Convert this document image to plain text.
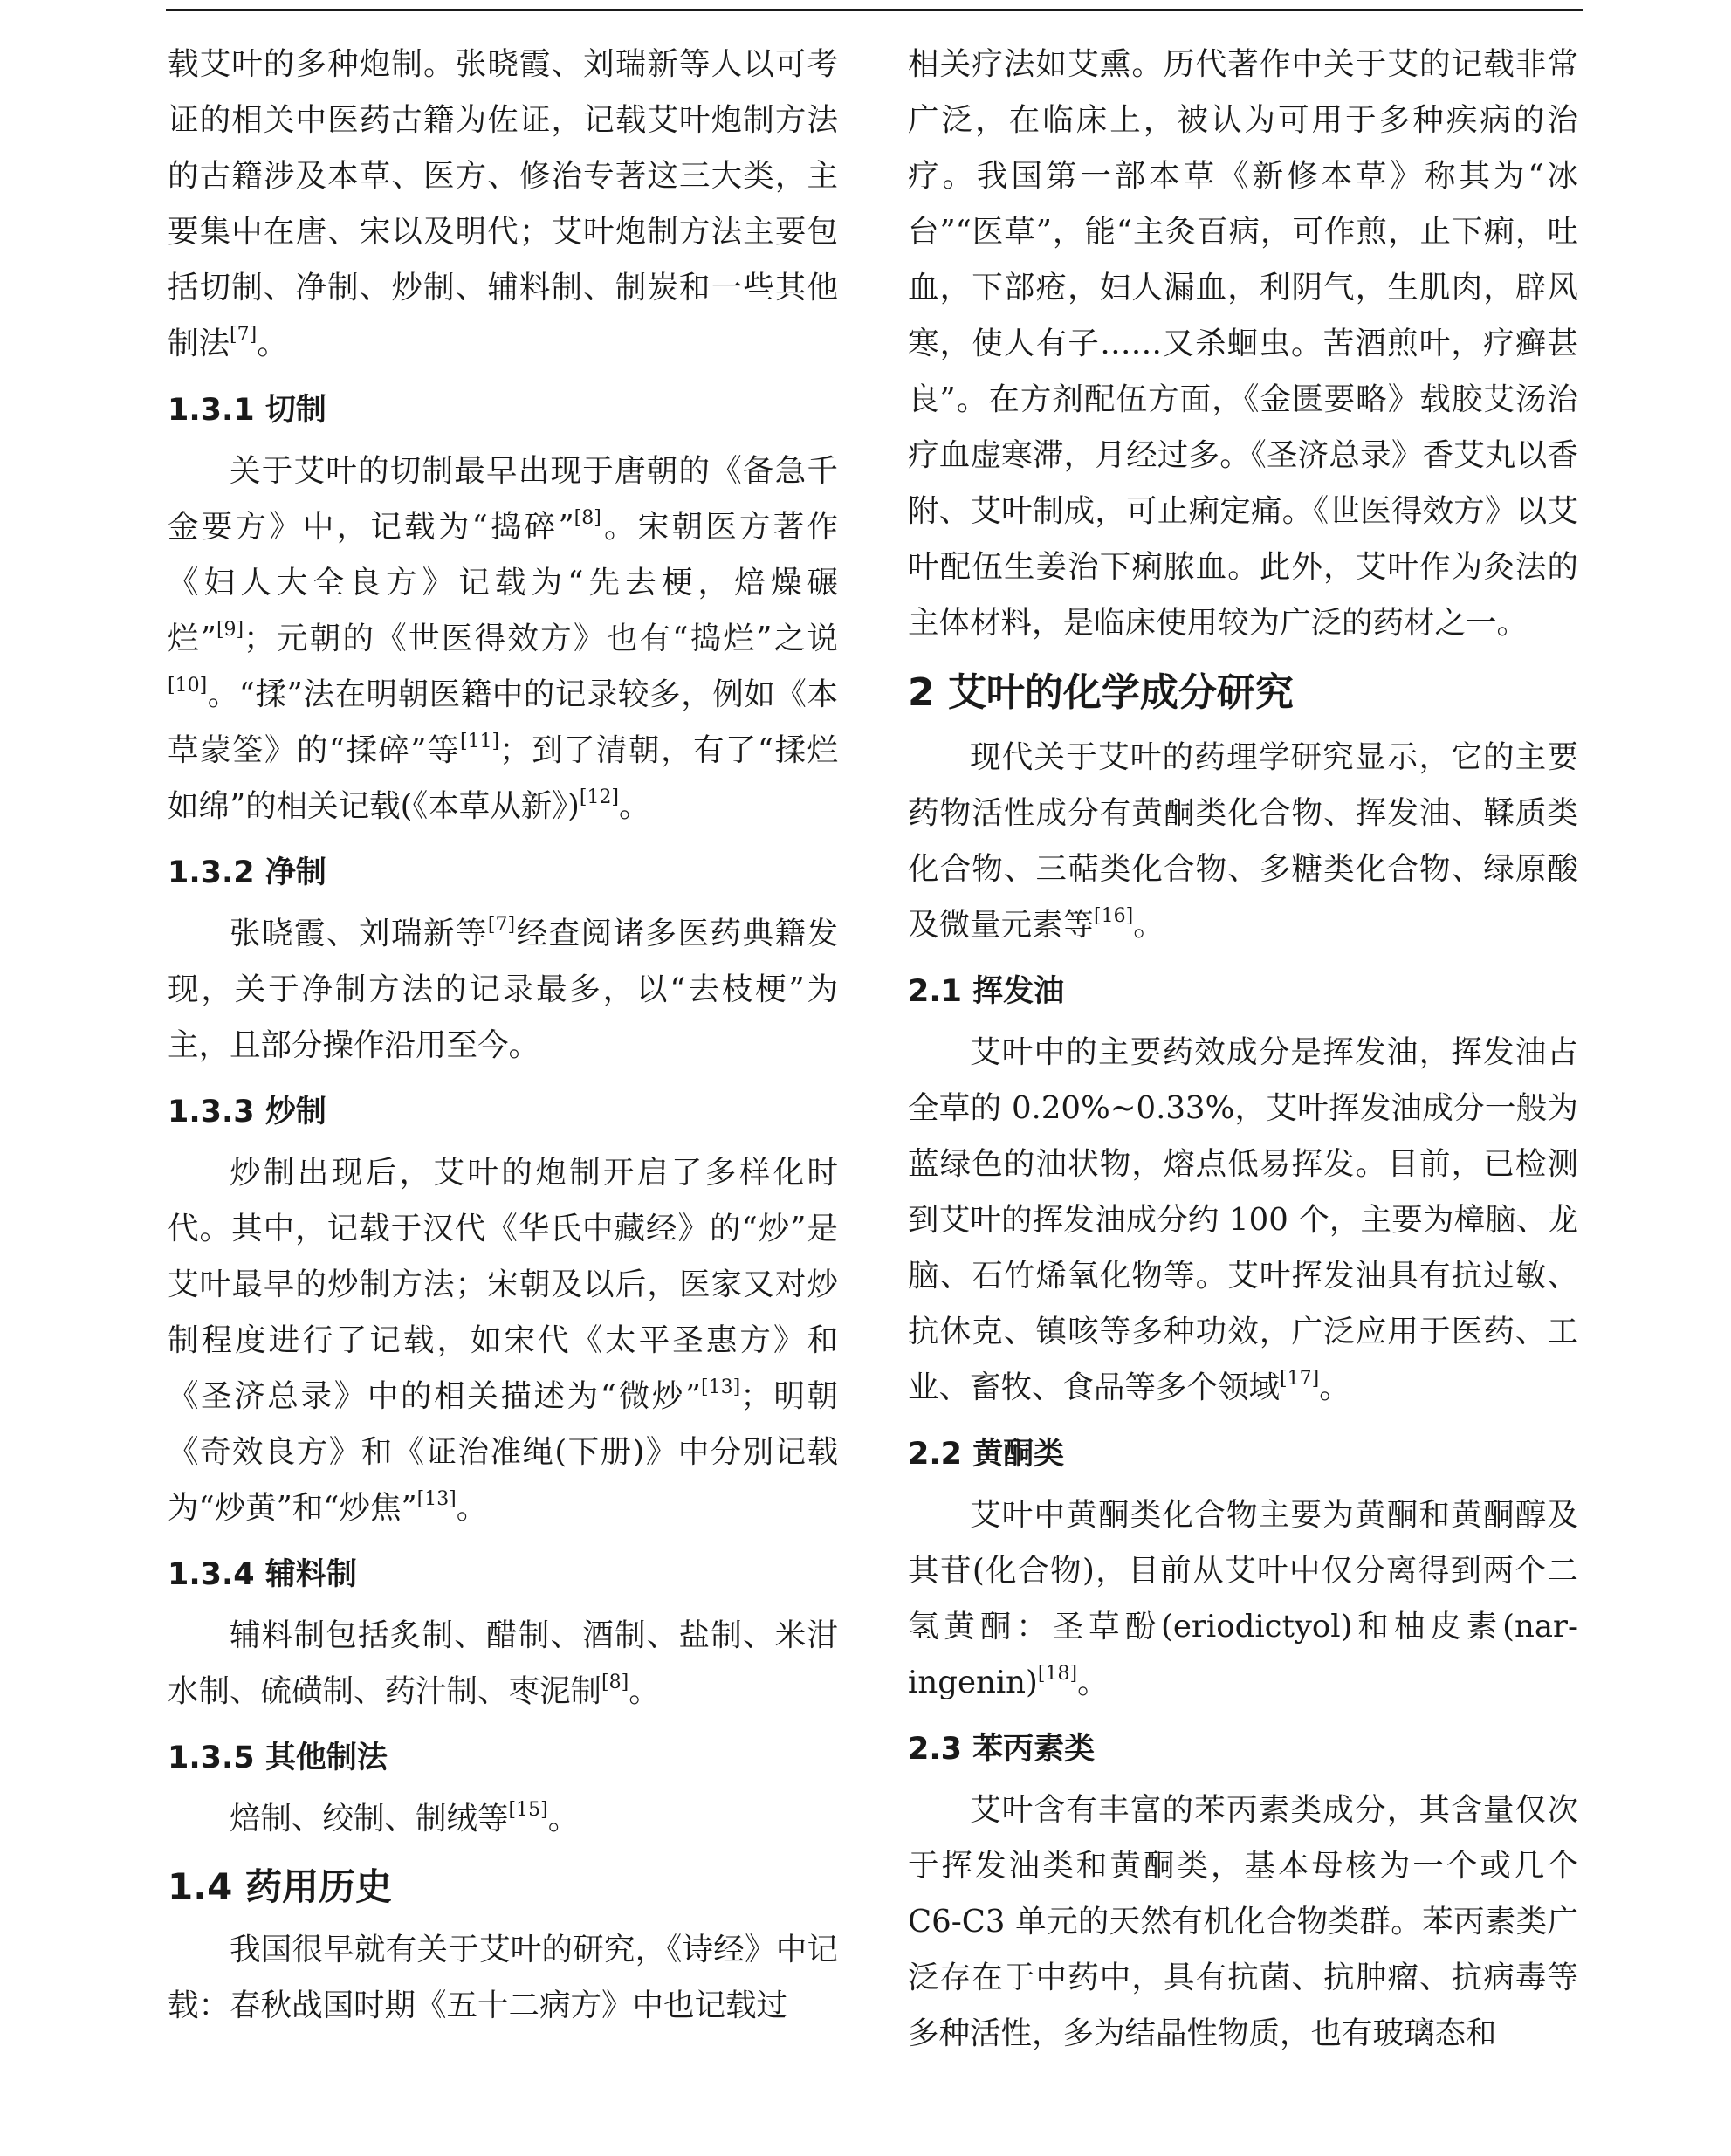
载艾叶的多种炮制。张晓霞、刘瑞新等人以可考证的相关中医药古籍为佐证，记载艾叶炮制方法的古籍涉及本草、医方、修治专著这三大类，主要集中在唐、宋以及明代；艾叶炮制方法主要包括切制、净制、炒制、辅料制、制炭和一些其他制法[7]。

1.3.1 切制

关于艾叶的切制最早出现于唐朝的《备急千金要方》中，记载为“捣碎”[8]。宋朝医方著作《妇人大全良方》记载为“先去梗，焙燥碾烂”[9]；元朝的《世医得效方》也有“捣烂”之说[10]。“揉”法在明朝医籍中的记录较多，例如《本草蒙筌》的“揉碎”等[11]；到了清朝，有了“揉烂如绵”的相关记载(《本草从新》)[12]。

1.3.2 净制

张晓霞、刘瑞新等[7]经查阅诸多医药典籍发现，关于净制方法的记录最多，以“去枝梗”为主，且部分操作沿用至今。

1.3.3 炒制

炒制出现后，艾叶的炮制开启了多样化时代。其中，记载于汉代《华氏中藏经》的“炒”是艾叶最早的炒制方法；宋朝及以后，医家又对炒制程度进行了记载，如宋代《太平圣惠方》和《圣济总录》中的相关描述为“微炒”[13]；明朝《奇效良方》和《证治准绳(下册)》中分别记载为“炒黄”和“炒焦”[13]。

1.3.4 辅料制

辅料制包括炙制、醋制、酒制、盐制、米泔水制、硫磺制、药汁制、枣泥制[8]。

1.3.5 其他制法

焙制、绞制、制绒等[15]。

1.4 药用历史

我国很早就有关于艾叶的研究，《诗经》中记载：春秋战国时期《五十二病方》中也记载过

相关疗法如艾熏。历代著作中关于艾的记载非常广泛，在临床上，被认为可用于多种疾病的治疗。我国第一部本草《新修本草》称其为“冰台”“医草”，能“主灸百病，可作煎，止下痢，吐血，下部疮，妇人漏血，利阴气，生肌肉，辟风寒，使人有子……又杀蛔虫。苦酒煎叶，疗癣甚良”。在方剂配伍方面，《金匮要略》载胶艾汤治疗血虚寒滞，月经过多。《圣济总录》香艾丸以香附、艾叶制成，可止痢定痛。《世医得效方》以艾叶配伍生姜治下痢脓血。此外，艾叶作为灸法的主体材料，是临床使用较为广泛的药材之一。

2 艾叶的化学成分研究

现代关于艾叶的药理学研究显示，它的主要药物活性成分有黄酮类化合物、挥发油、鞣质类化合物、三萜类化合物、多糖类化合物、绿原酸及微量元素等[16]。

2.1 挥发油

艾叶中的主要药效成分是挥发油，挥发油占全草的 0.20%~0.33%，艾叶挥发油成分一般为蓝绿色的油状物，熔点低易挥发。目前，已检测到艾叶的挥发油成分约 100 个，主要为樟脑、龙脑、石竹烯氧化物等。艾叶挥发油具有抗过敏、抗休克、镇咳等多种功效，广泛应用于医药、工业、畜牧、食品等多个领域[17]。

2.2 黄酮类

艾叶中黄酮类化合物主要为黄酮和黄酮醇及其苷(化合物)，目前从艾叶中仅分离得到两个二氢黄酮：圣草酚(eriodictyol)和柚皮素(nar-ingenin)[18]。

2.3 苯丙素类

艾叶含有丰富的苯丙素类成分，其含量仅次于挥发油类和黄酮类，基本母核为一个或几个 C6-C3 单元的天然有机化合物类群。苯丙素类广泛存在于中药中，具有抗菌、抗肿瘤、抗病毒等多种活性，多为结晶性物质，也有玻璃态和
